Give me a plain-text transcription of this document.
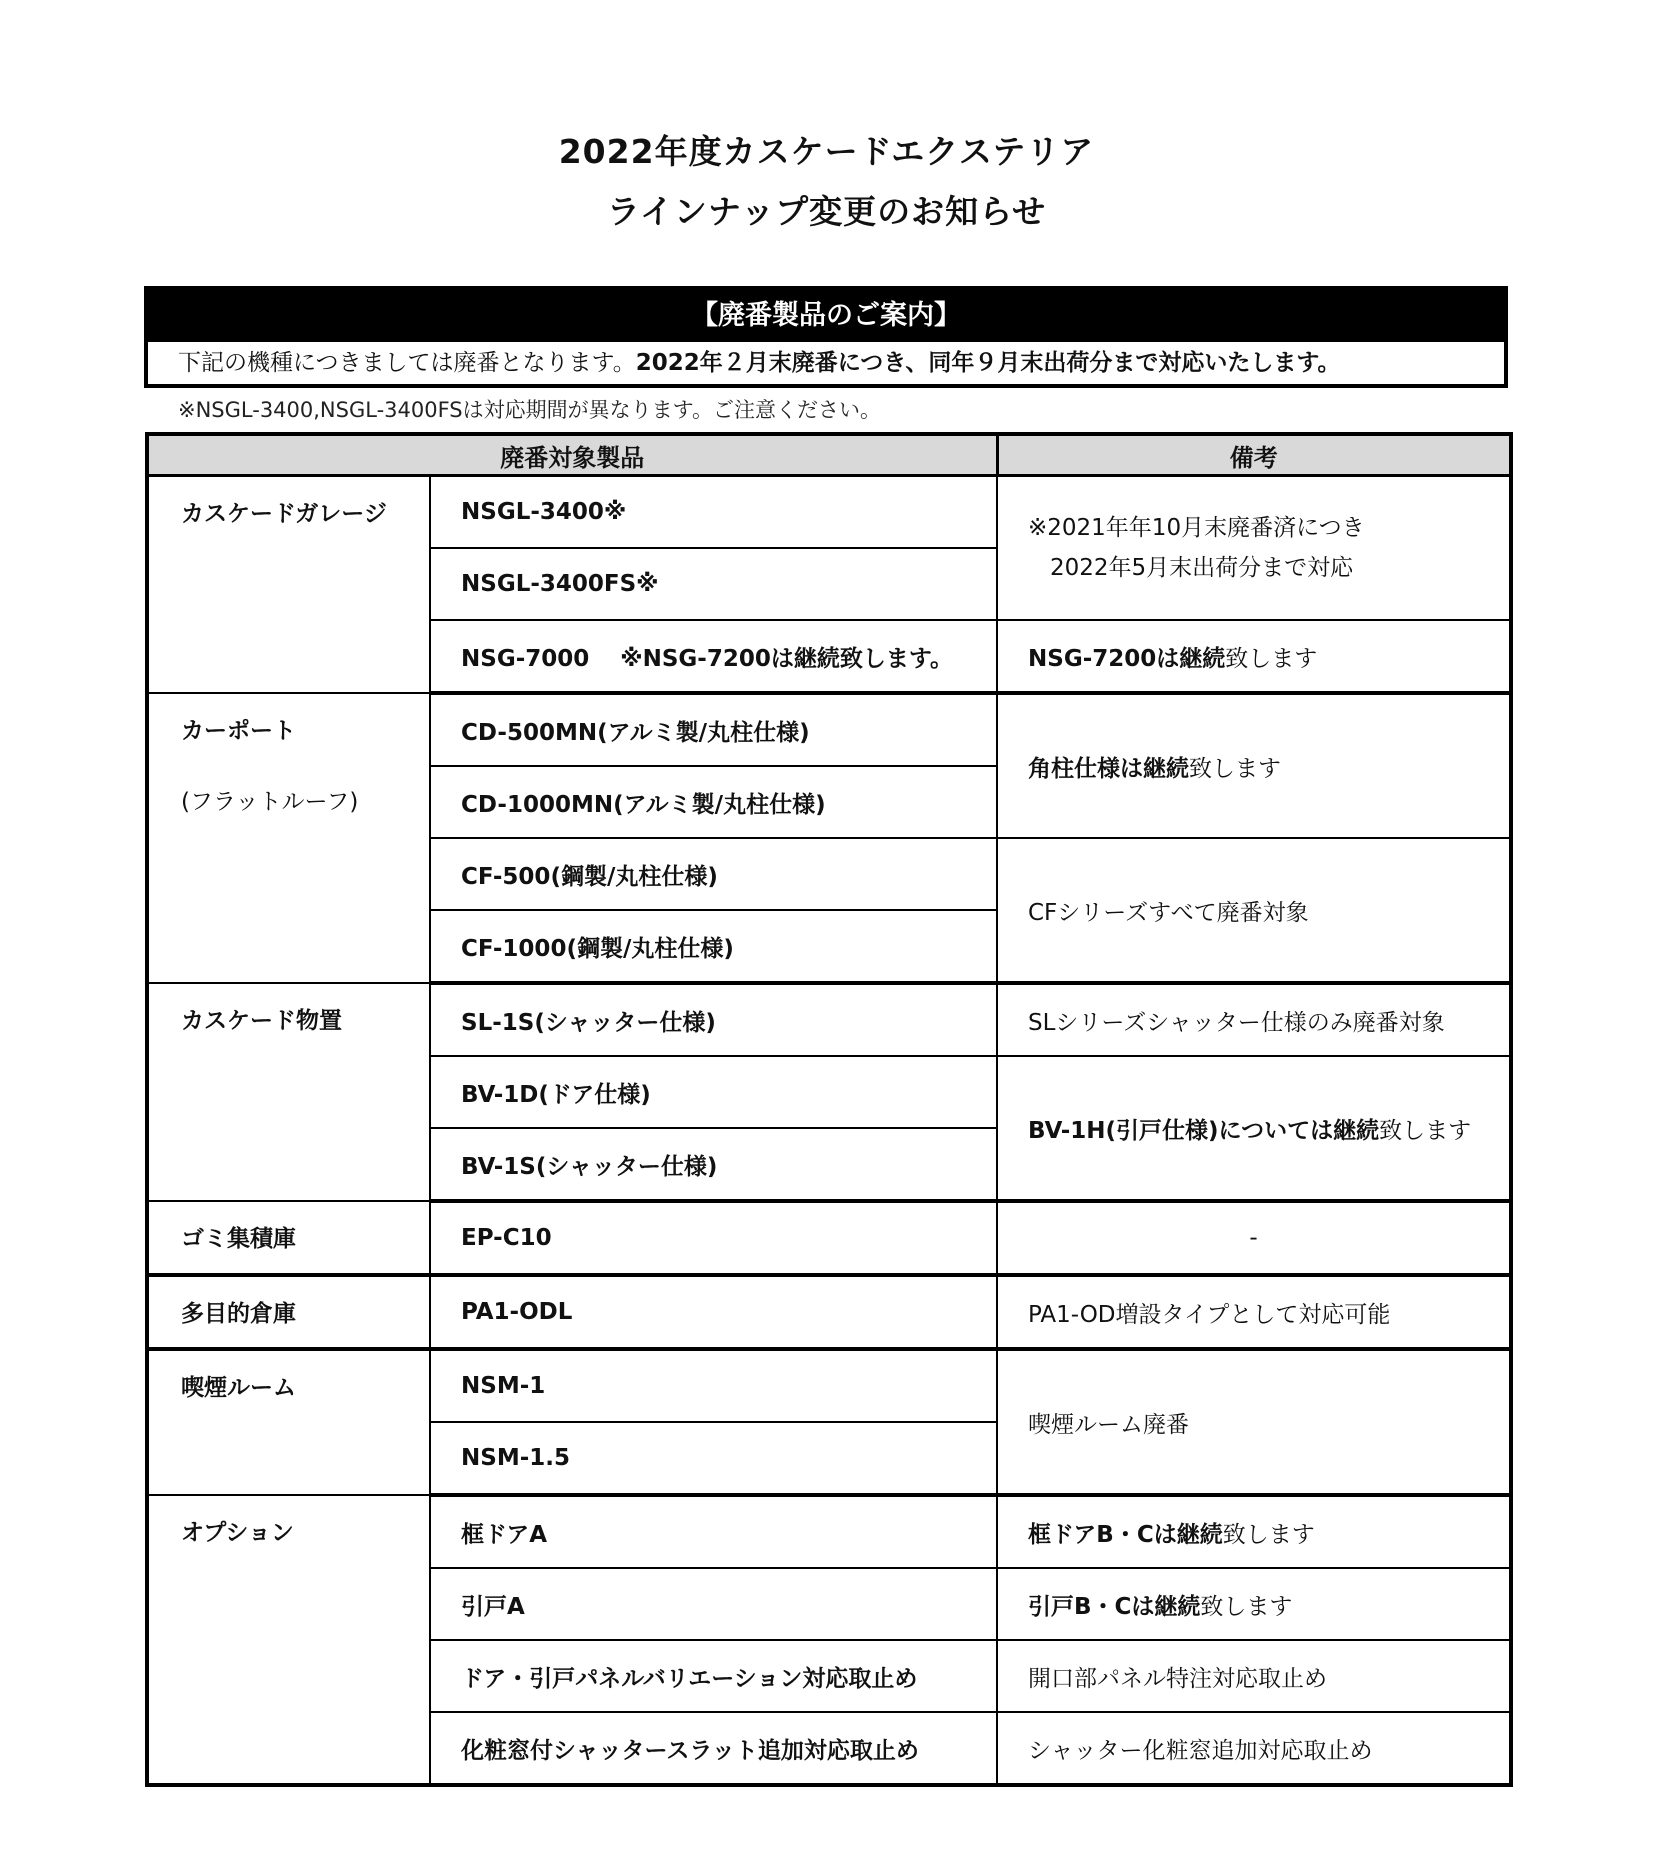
2022年度カスケードエクステリア
ラインナップ変更のお知らせ
【廃番製品のご案内】
下記の機種につきましては廃番となります。2022年２月末廃番につき、同年９月末出荷分まで対応いたします。
※NSGL-3400,NSGL-3400FSは対応期間が異なります。ご注意ください。
廃番対象製品		備考
カスケードガレージ	NSGL-3400※	※2021年年10月末廃番済につき
2022年5月末出荷分まで対応

	NSGL-3400FS※	
	NSG-7000　 ※NSG-7200は継続致します。	NSG-7200は継続致します

カーポート
(フラットルーフ)	CD-500MN(アルミ製/丸柱仕様)	角柱仕様は継続致します
	CD-1000MN(アルミ製/丸柱仕様)	
	CF-500(鋼製/丸柱仕様)	CFシリーズすべて廃番対象
	CF-1000(鋼製/丸柱仕様)	
カスケード物置	SL-1S(シャッター仕様)	SLシリーズシャッター仕様のみ廃番対象
	BV-1D(ドア仕様)	BV-1H(引戸仕様)については継続致します
	BV-1S(シャッター仕様)	
ゴミ集積庫	EP-C10	-
多目的倉庫	PA1-ODL	PA1-OD増設タイプとして対応可能
喫煙ルーム	NSM-1	喫煙ルーム廃番
	NSM-1.5	
オプション	框ドアA	框ドアB・Cは継続致します
	引戸A	引戸B・Cは継続致します
	ドア・引戸パネルバリエーション対応取止め	開口部パネル特注対応取止め
	化粧窓付シャッタースラット追加対応取止め	シャッター化粧窓追加対応取止め
